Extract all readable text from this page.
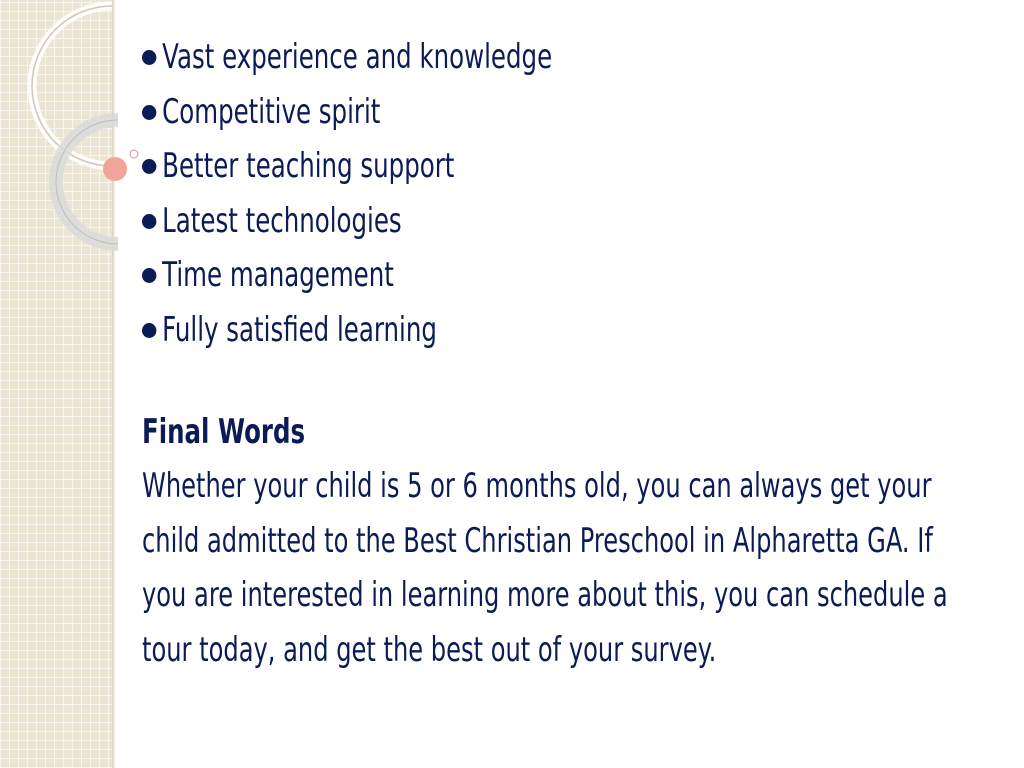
Vast experience and knowledge
Competitive spirit
Better teaching support
Latest technologies
Time management
Fully satisfied learning
Final Words

Whether your child is 5 or 6 months old, you can always get your child admitted to the Best Christian Preschool in Alpharetta GA. If you are interested in learning more about this, you can schedule a tour today, and get the best out of your survey.
